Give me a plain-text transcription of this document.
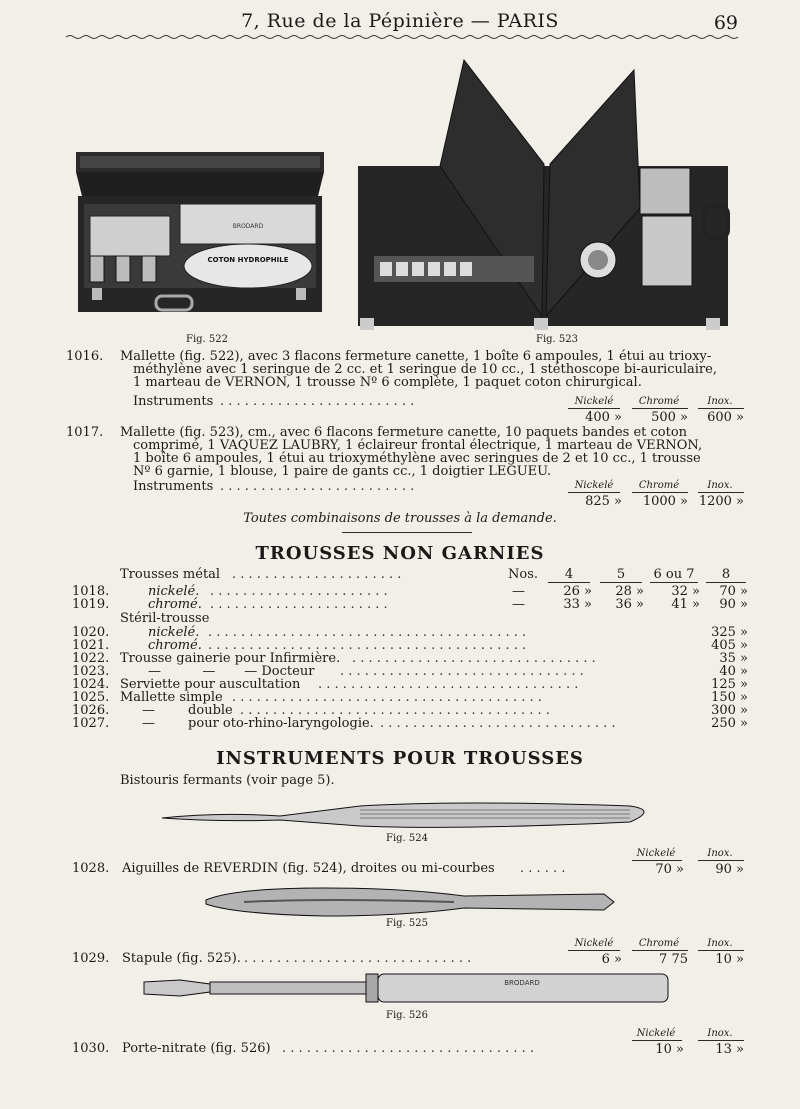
7, Rue de la Pépinière — PARIS	69
BRODARD
COTON HYDROPHILE
Fig. 522	Fig. 523
1016. Mallette (fig. 522), avec 3 flacons fermeture canette, 1 boîte 6 ampoules, 1 étui au trioxy-
méthylène avec 1 seringue de 2 cc. et 1 seringue de 10 cc., 1 stéthoscope bi-auriculaire,
1 marteau de VERNON, 1 trousse Nº 6 complète, 1 paquet coton chirurgical.
Instruments . . . . . . . . . . . . . . . . . . . . . . . .	Nickelé	Chromé	Inox.
400 »	500 »	600 »
1017. Mallette (fig. 523), cm., avec 6 flacons fermeture canette, 10 paquets bandes et coton
comprimé, 1 VAQUEZ LAUBRY, 1 éclaireur frontal électrique, 1 marteau de VERNON,
1 boîte 6 ampoules, 1 étui au trioxyméthylène avec seringues de 2 et 10 cc., 1 trousse
Nº 6 garnie, 1 blouse, 1 paire de gants cc., 1 doigtier LEGUEU.
Instruments . . . . . . . . . . . . . . . . . . . . . . . .	Nickelé	Chromé	Inox.
825 »	1000 » 1200 »
Toutes combinaisons de trousses à la demande.
TROUSSES NON GARNIES
Trousses métal . . . . . . . . . . . . . . . . . . . . .	Nos.	4	5	6 ou 7	8
1018.	nickelé. . . . . . . . . . . . . . . . . . . . . . .	—	26 »	28 »	32 »	70 »
1019.	chromé. . . . . . . . . . . . . . . . . . . . . . .	—	33 »	36 »	41 »	90 »
Stéril-trousse
1020.	nickelé. . . . . . . . . . . . . . . . . . . . . . . . . . . . . . . . . . . . . . . .	325 »
1021.	chromé. . . . . . . . . . . . . . . . . . . . . . . . . . . . . . . . . . . . . . . .	405 »
1022. Trousse gainerie pour Infirmière. . . . . . . . . . . . . . . . . . . . . . . . . . . . . . .	35 »
1023.	—          —       — Docteur . . . . . . . . . . . . . . . . . . . . . . . . . . . . . .	40 »
1024. Serviette pour auscultation . . . . . . . . . . . . . . . . . . . . . . . . . . . . . . . .	125 »
1025. Mallette simple . . . . . . . . . . . . . . . . . . . . . . . . . . . . . . . . . . . . . .	150 »
1026.	—        double . . . . . . . . . . . . . . . . . . . . . . . . . . . . . . . . . . . . . .	300 »
1027.	—        pour oto-rhino-laryngologie. . . . . . . . . . . . . . . . . . . . . . . . . . . . . .	250 »
INSTRUMENTS POUR TROUSSES
Bistouris fermants (voir page 5).
Fig. 524
Nickelé	Inox.
1028. Aiguilles de REVERDIN (fig. 524), droites ou mi-courbes . . . . . .	70 »	90 »
Fig. 525
Nickelé	Chromé	Inox.
1029. Stapule (fig. 525). . . . . . . . . . . . . . . . . . . . . . . . . . . . .	6 »	7 75	10 »
BRODARD
Fig. 526
Nickelé	Inox.
1030. Porte-nitrate (fig. 526) . . . . . . . . . . . . . . . . . . . . . . . . . . . . . . .	10 »	13 »
